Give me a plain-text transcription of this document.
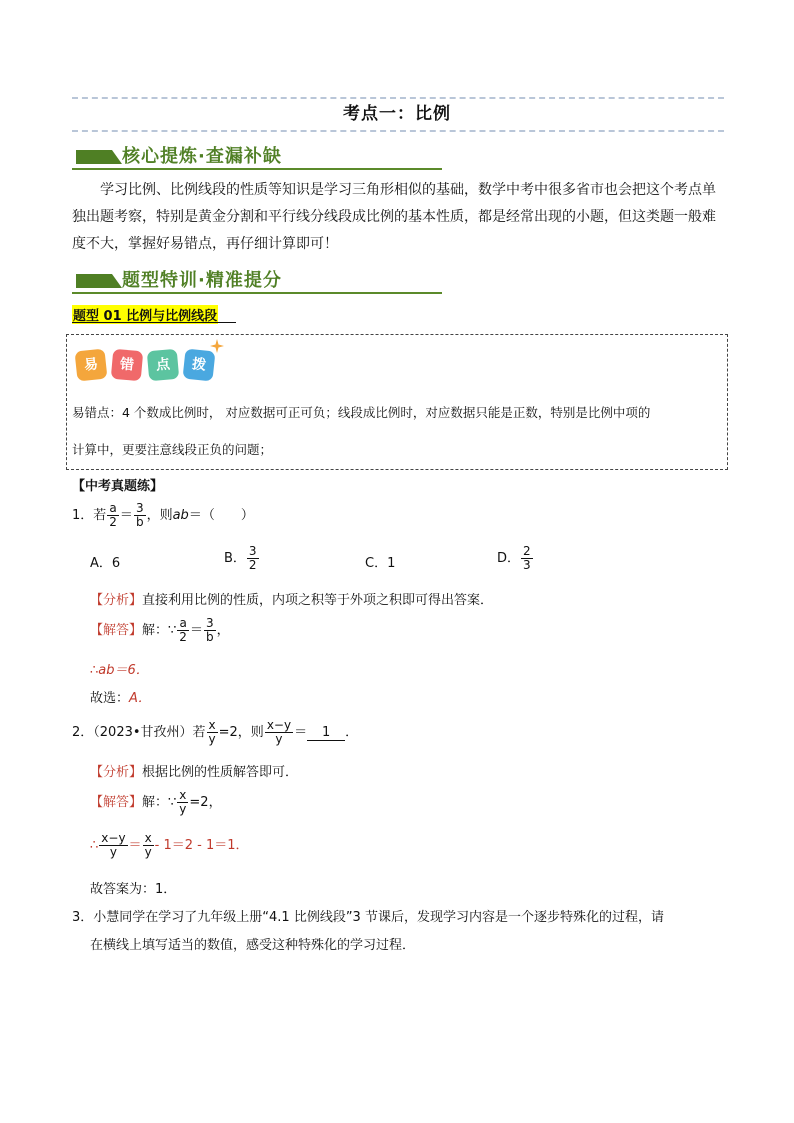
考点一：比例
核心提炼·查漏补缺
学习比例、比例线段的性质等知识是学习三角形相似的基础，数学中考中很多省市也会把这个考点单独出题考察，特别是黄金分割和平行线分线段成比例的基本性质，都是经常出现的小题，但这类题一般难度不大，掌握好易错点，再仔细计算即可！
题型特训·精准提分
题型 01 比例与比例线段
易	错	点	拨
易错点：4 个数成比例时， 对应数据可正可负；线段成比例时，对应数据只能是正数，特别是比例中项的
计算中，更要注意线段正负的问题；
【中考真题练】
1．若 $\frac{a}{2} = \frac{3}{b}$ ，则ab＝（　　）
A．6	B． $\frac{3}{2}$	C．1	D． $\frac{2}{3}$
【分析】直接利用比例的性质，内项之积等于外项之积即可得出答案．
【解答】解：∵ $\frac{a}{2} = \frac{3}{b}$ ，
∴ab＝6．
故选：A．
2．（2023•甘孜州）若 $\frac{x}{y} =2$，则 $\frac{x-y}{y} = 1$ ．
【分析】根据比例的性质解答即可．
【解答】解：∵ $\frac{x}{y} =2$，
∴ $\frac{x-y}{y} = \frac{x}{y} - 1=2 - 1=1$．
故答案为：1．
3．小慧同学在学习了九年级上册“4.1 比例线段”3 节课后，发现学习内容是一个逐步特殊化的过程，请
在横线上填写适当的数值，感受这种特殊化的学习过程．
